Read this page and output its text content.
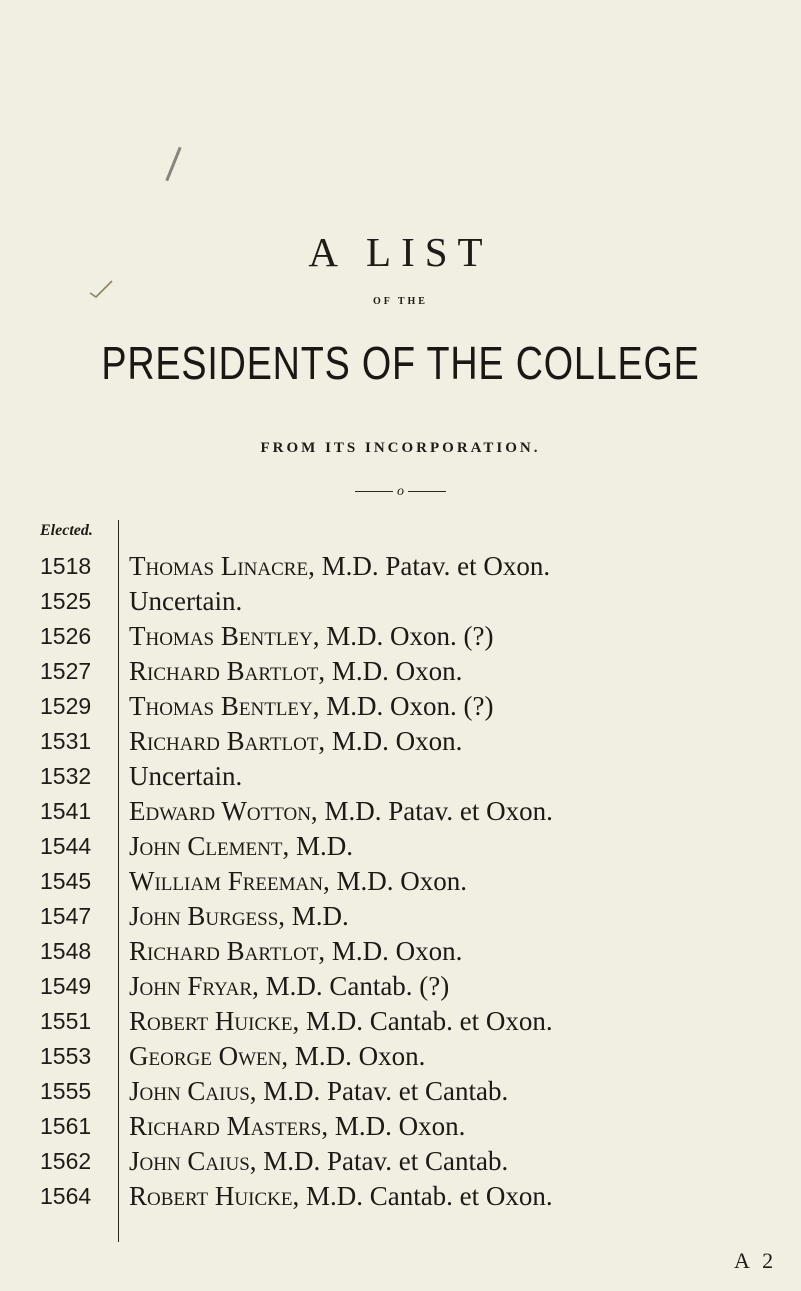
A LIST
OF THE
PRESIDENTS OF THE COLLEGE
FROM ITS INCORPORATION.
o
Elected.
1518	Thomas Linacre, M.D. Patav. et Oxon.
1525	Uncertain.
1526	Thomas Bentley, M.D. Oxon. (?)
1527	Richard Bartlot, M.D. Oxon.
1529	Thomas Bentley, M.D. Oxon. (?)
1531	Richard Bartlot, M.D. Oxon.
1532	Uncertain.
1541	Edward Wotton, M.D. Patav. et Oxon.
1544	John Clement, M.D.
1545	William Freeman, M.D. Oxon.
1547	John Burgess, M.D.
1548	Richard Bartlot, M.D. Oxon.
1549	John Fryar, M.D. Cantab. (?)
1551	Robert Huicke, M.D. Cantab. et Oxon.
1553	George Owen, M.D. Oxon.
1555	John Caius, M.D. Patav. et Cantab.
1561	Richard Masters, M.D. Oxon.
1562	John Caius, M.D. Patav. et Cantab.
1564	Robert Huicke, M.D. Cantab. et Oxon.
A 2
